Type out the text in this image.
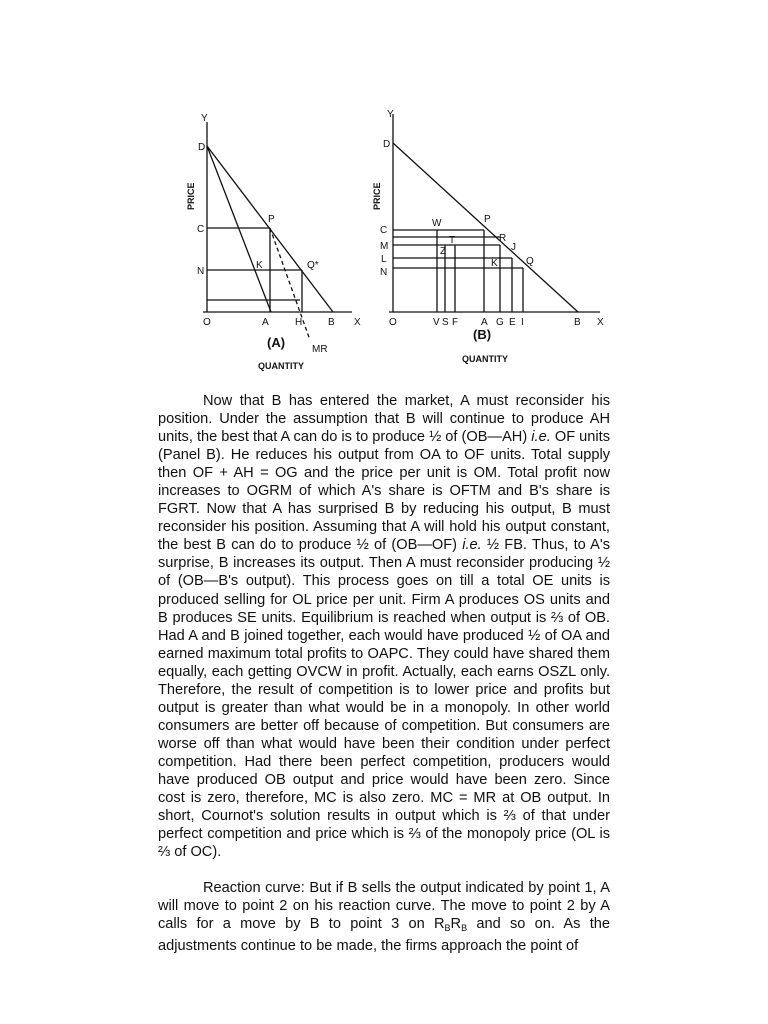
Y
D
C
N
P
K	Q*
O	A	H	B X
MR
PRICE
(A)
QUANTITY
Y
D
C
W
M
L
N
P
T
Z
R
J
K	Q
O	V S F A G E I	B X
PRICE
(B)
QUANTITY

Now that B has entered the market, A must reconsider his position. Under the assumption that B will continue to produce AH units, the best that A can do is to produce ½ of (OB—AH) i.e. OF units (Panel B). He reduces his output from OA to OF units. Total supply then OF + AH = OG and the price per unit is OM. Total profit now increases to OGRM of which A's share is OFTM and B's share is FGRT. Now that A has surprised B by reducing his output, B must reconsider his position. Assuming that A will hold his output constant, the best B can do to produce ½ of (OB—OF) i.e. ½ FB. Thus, to A's surprise, B increases its output. Then A must reconsider producing ½ of (OB—B's output). This process goes on till a total OE units is produced selling for OL price per unit. Firm A produces OS units and B produces SE units. Equilibrium is reached when output is ⅔ of OB. Had A and B joined together, each would have produced ½ of OA and earned maximum total profits to OAPC. They could have shared them equally, each getting OVCW in profit. Actually, each earns OSZL only. Therefore, the result of competition is to lower price and profits but output is greater than what would be in a monopoly. In other world consumers are better off because of competition. But consumers are worse off than what would have been their condition under perfect competition. Had there been perfect competition, producers would have produced OB output and price would have been zero. Since cost is zero, therefore, MC is also zero. MC = MR at OB output. In short, Cournot's solution results in output which is ⅔ of that under perfect competition and price which is ⅔ of the monopoly price (OL is ⅔ of OC).

Reaction curve: But if B sells the output indicated by point 1, A will move to point 2 on his reaction curve. The move to point 2 by A calls for a move by B to point 3 on $R_BR_B$ and so on. As the adjustments continue to be made, the firms approach the point of
